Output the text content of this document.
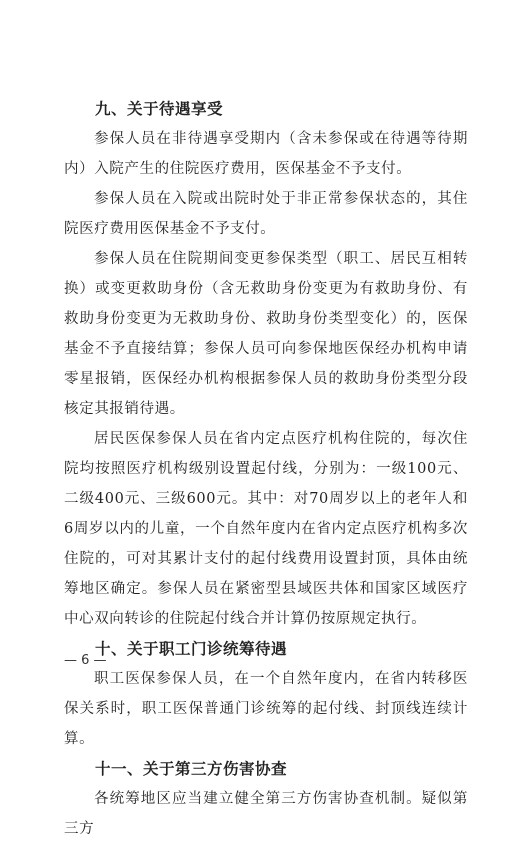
九、关于待遇享受

参保人员在非待遇享受期内（含未参保或在待遇等待期内）入院产生的住院医疗费用，医保基金不予支付。

参保人员在入院或出院时处于非正常参保状态的，其住院医疗费用医保基金不予支付。

参保人员在住院期间变更参保类型（职工、居民互相转换）或变更救助身份（含无救助身份变更为有救助身份、有救助身份变更为无救助身份、救助身份类型变化）的，医保基金不予直接结算；参保人员可向参保地医保经办机构申请零星报销，医保经办机构根据参保人员的救助身份类型分段核定其报销待遇。

居民医保参保人员在省内定点医疗机构住院的，每次住院均按照医疗机构级别设置起付线，分别为：一级100元、二级400元、三级600元。其中：对70周岁以上的老年人和6周岁以内的儿童，一个自然年度内在省内定点医疗机构多次住院的，可对其累计支付的起付线费用设置封顶，具体由统筹地区确定。参保人员在紧密型县域医共体和国家区域医疗中心双向转诊的住院起付线合并计算仍按原规定执行。

十、关于职工门诊统筹待遇

职工医保参保人员，在一个自然年度内，在省内转移医保关系时，职工医保普通门诊统筹的起付线、封顶线连续计算。

十一、关于第三方伤害协查

各统筹地区应当建立健全第三方伤害协查机制。疑似第三方

— 6 —
